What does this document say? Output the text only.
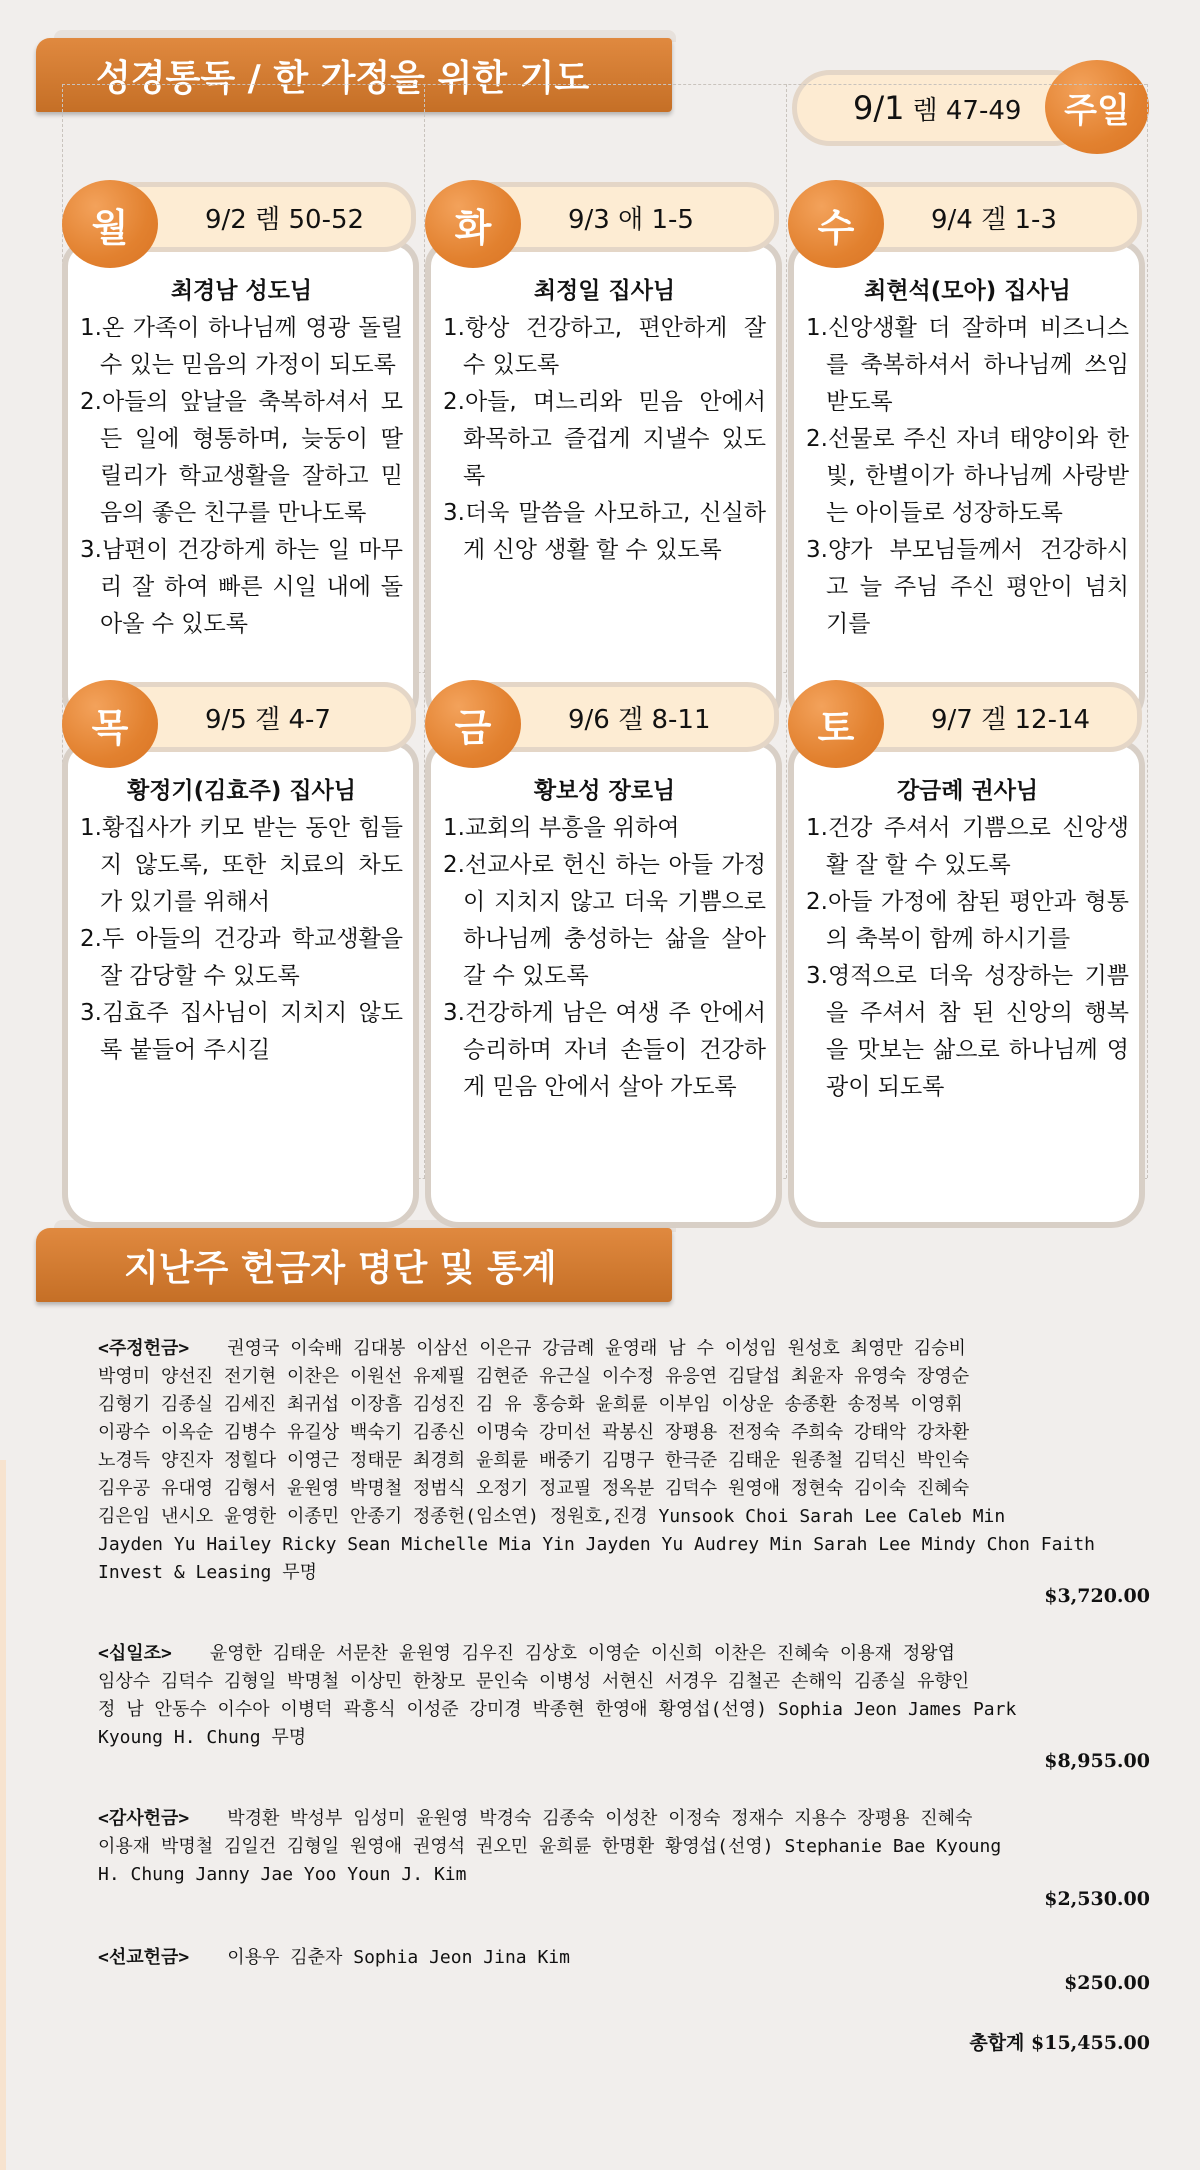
성경통독 / 한 가정을 위한 기도
9/1 렘 47-49 주일
최경남 성도님
1.온 가족이 하나님께 영광 돌릴 수 있는 믿음의 가정이 되도록
2.아들의 앞날을 축복하셔서 모든 일에 형통하며, 늦둥이 딸 릴리가 학교생활을 잘하고 믿음의 좋은 친구를 만나도록
3.남편이 건강하게 하는 일 마무리 잘 하여 빠른 시일 내에 돌아올 수 있도록
9/2 렘 50-52
월
최정일 집사님
1.항상 건강하고, 편안하게 잘 수 있도록
2.아들, 며느리와 믿음 안에서 화목하고 즐겁게 지낼수 있도록
3.더욱 말씀을 사모하고, 신실하게 신앙 생활 할 수 있도록
9/3 애 1-5
화
최현석(모아) 집사님
1.신앙생활 더 잘하며 비즈니스를 축복하셔서 하나님께 쓰임받도록
2.선물로 주신 자녀 태양이와 한빛, 한별이가 하나님께 사랑받는 아이들로 성장하도록
3.양가 부모님들께서 건강하시고 늘 주님 주신 평안이 넘치기를
9/4 겔 1-3
수
황정기(김효주) 집사님
1.황집사가 키모 받는 동안 힘들지 않도록, 또한 치료의 차도가 있기를 위해서
2.두 아들의 건강과 학교생활을 잘 감당할 수 있도록
3.김효주 집사님이 지치지 않도록 붙들어 주시길
9/5 겔 4-7
목
황보성 장로님
1.교회의 부흥을 위하여
2.선교사로 헌신 하는 아들 가정이 지치지 않고 더욱 기쁨으로 하나님께 충성하는 삶을 살아갈 수 있도록
3.건강하게 남은 여생 주 안에서 승리하며 자녀 손들이 건강하게 믿음 안에서 살아 가도록
9/6 겔 8-11
금
강금례 권사님
1.건강 주셔서 기쁨으로 신앙생활 잘 할 수 있도록
2.아들 가정에 참된 평안과 형통의 축복이 함께 하시기를
3.영적으로 더욱 성장하는 기쁨을 주셔서 참 된 신앙의 행복을 맛보는 삶으로 하나님께 영광이 되도록
9/7 겔 12-14
토
지난주 헌금자 명단 및 통계
<주정헌금> 권영국 이숙배 김대봉 이삼선 이은규 강금례 윤영래 남 수 이성임 원성호 최영만 김승비
박영미 양선진 전기현 이찬은 이원선 유제필 김현준 유근실 이수정 유응연 김달섭 최윤자 유영숙 장영순
김형기 김종실 김세진 최귀섭 이장흠 김성진 김 유 홍승화 윤희륜 이부임 이상운 송종환 송정복 이영휘
이광수 이옥순 김병수 유길상 백숙기 김종신 이명숙 강미선 곽봉신 장평용 전정숙 주희숙 강태악 강차환
노경득 양진자 정힐다 이영근 정태문 최경희 윤희륜 배중기 김명구 한극준 김태운 원종철 김덕신 박인숙
김우공 유대영 김형서 윤원영 박명철 정범식 오정기 정교필 정옥분 김덕수 원영애 정현숙 김이숙 진혜숙
김은임 낸시오 윤영한 이종민 안종기 정종헌(임소연) 정원호,진경 Yunsook Choi Sarah Lee Caleb Min
Jayden Yu Hailey Ricky Sean Michelle Mia Yin Jayden Yu Audrey Min Sarah Lee Mindy Chon Faith
Invest & Leasing 무명
$3,720.00
<십일조> 윤영한 김태운 서문찬 윤원영 김우진 김상호 이영순 이신희 이찬은 진혜숙 이용재 정왕엽
임상수 김덕수 김형일 박명철 이상민 한창모 문인숙 이병성 서현신 서경우 김철곤 손해익 김종실 유향인
정 남 안동수 이수아 이병덕 곽흥식 이성준 강미경 박종현 한영애 황영섭(선영) Sophia Jeon James Park
Kyoung H. Chung 무명
$8,955.00
<감사헌금> 박경환 박성부 임성미 윤원영 박경숙 김종숙 이성찬 이정숙 정재수 지용수 장평용 진혜숙
이용재 박명철 김일건 김형일 원영애 권영석 권오민 윤희륜 한명환 황영섭(선영) Stephanie Bae Kyoung
H. Chung Janny Jae Yoo Youn J. Kim
$2,530.00
<선교헌금> 이용우 김춘자 Sophia Jeon Jina Kim
$250.00
총합계 $15,455.00
